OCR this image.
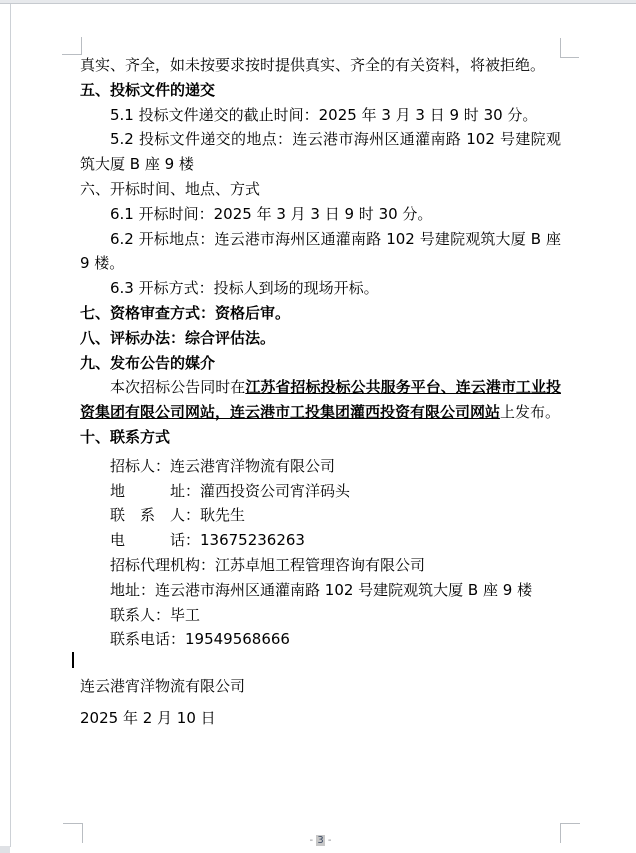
真实、齐全，如未按要求按时提供真实、齐全的有关资料，将被拒绝。

五、投标文件的递交

5.1 投标文件递交的截止时间：2025 年 3 月 3 日 9 时 30 分。

5.2 投标文件递交的地点：连云港市海州区通灌南路 102 号建院观筑大厦 B 座 9 楼

六、开标时间、地点、方式

6.1 开标时间：2025 年 3 月 3 日 9 时 30 分。

6.2 开标地点：连云港市海州区通灌南路 102 号建院观筑大厦 B 座 9 楼。

6.3 开标方式：投标人到场的现场开标。

七、资格审查方式：资格后审。

八、评标办法：综合评估法。

九、发布公告的媒介

本次招标公告同时在江苏省招标投标公共服务平台、连云港市工业投资集团有限公司网站，连云港市工投集团灌西投资有限公司网站上发布。

十、联系方式

招标人：连云港宵洋物流有限公司

地　　　址：灌西投资公司宵洋码头

联　系　人：耿先生

电　　　话：13675236263

招标代理机构：江苏卓旭工程管理咨询有限公司

地址：连云港市海州区通灌南路 102 号建院观筑大厦 B 座 9 楼

联系人：毕工

联系电话：19549568666

连云港宵洋物流有限公司

2025 年 2 月 10 日

- 3 -
